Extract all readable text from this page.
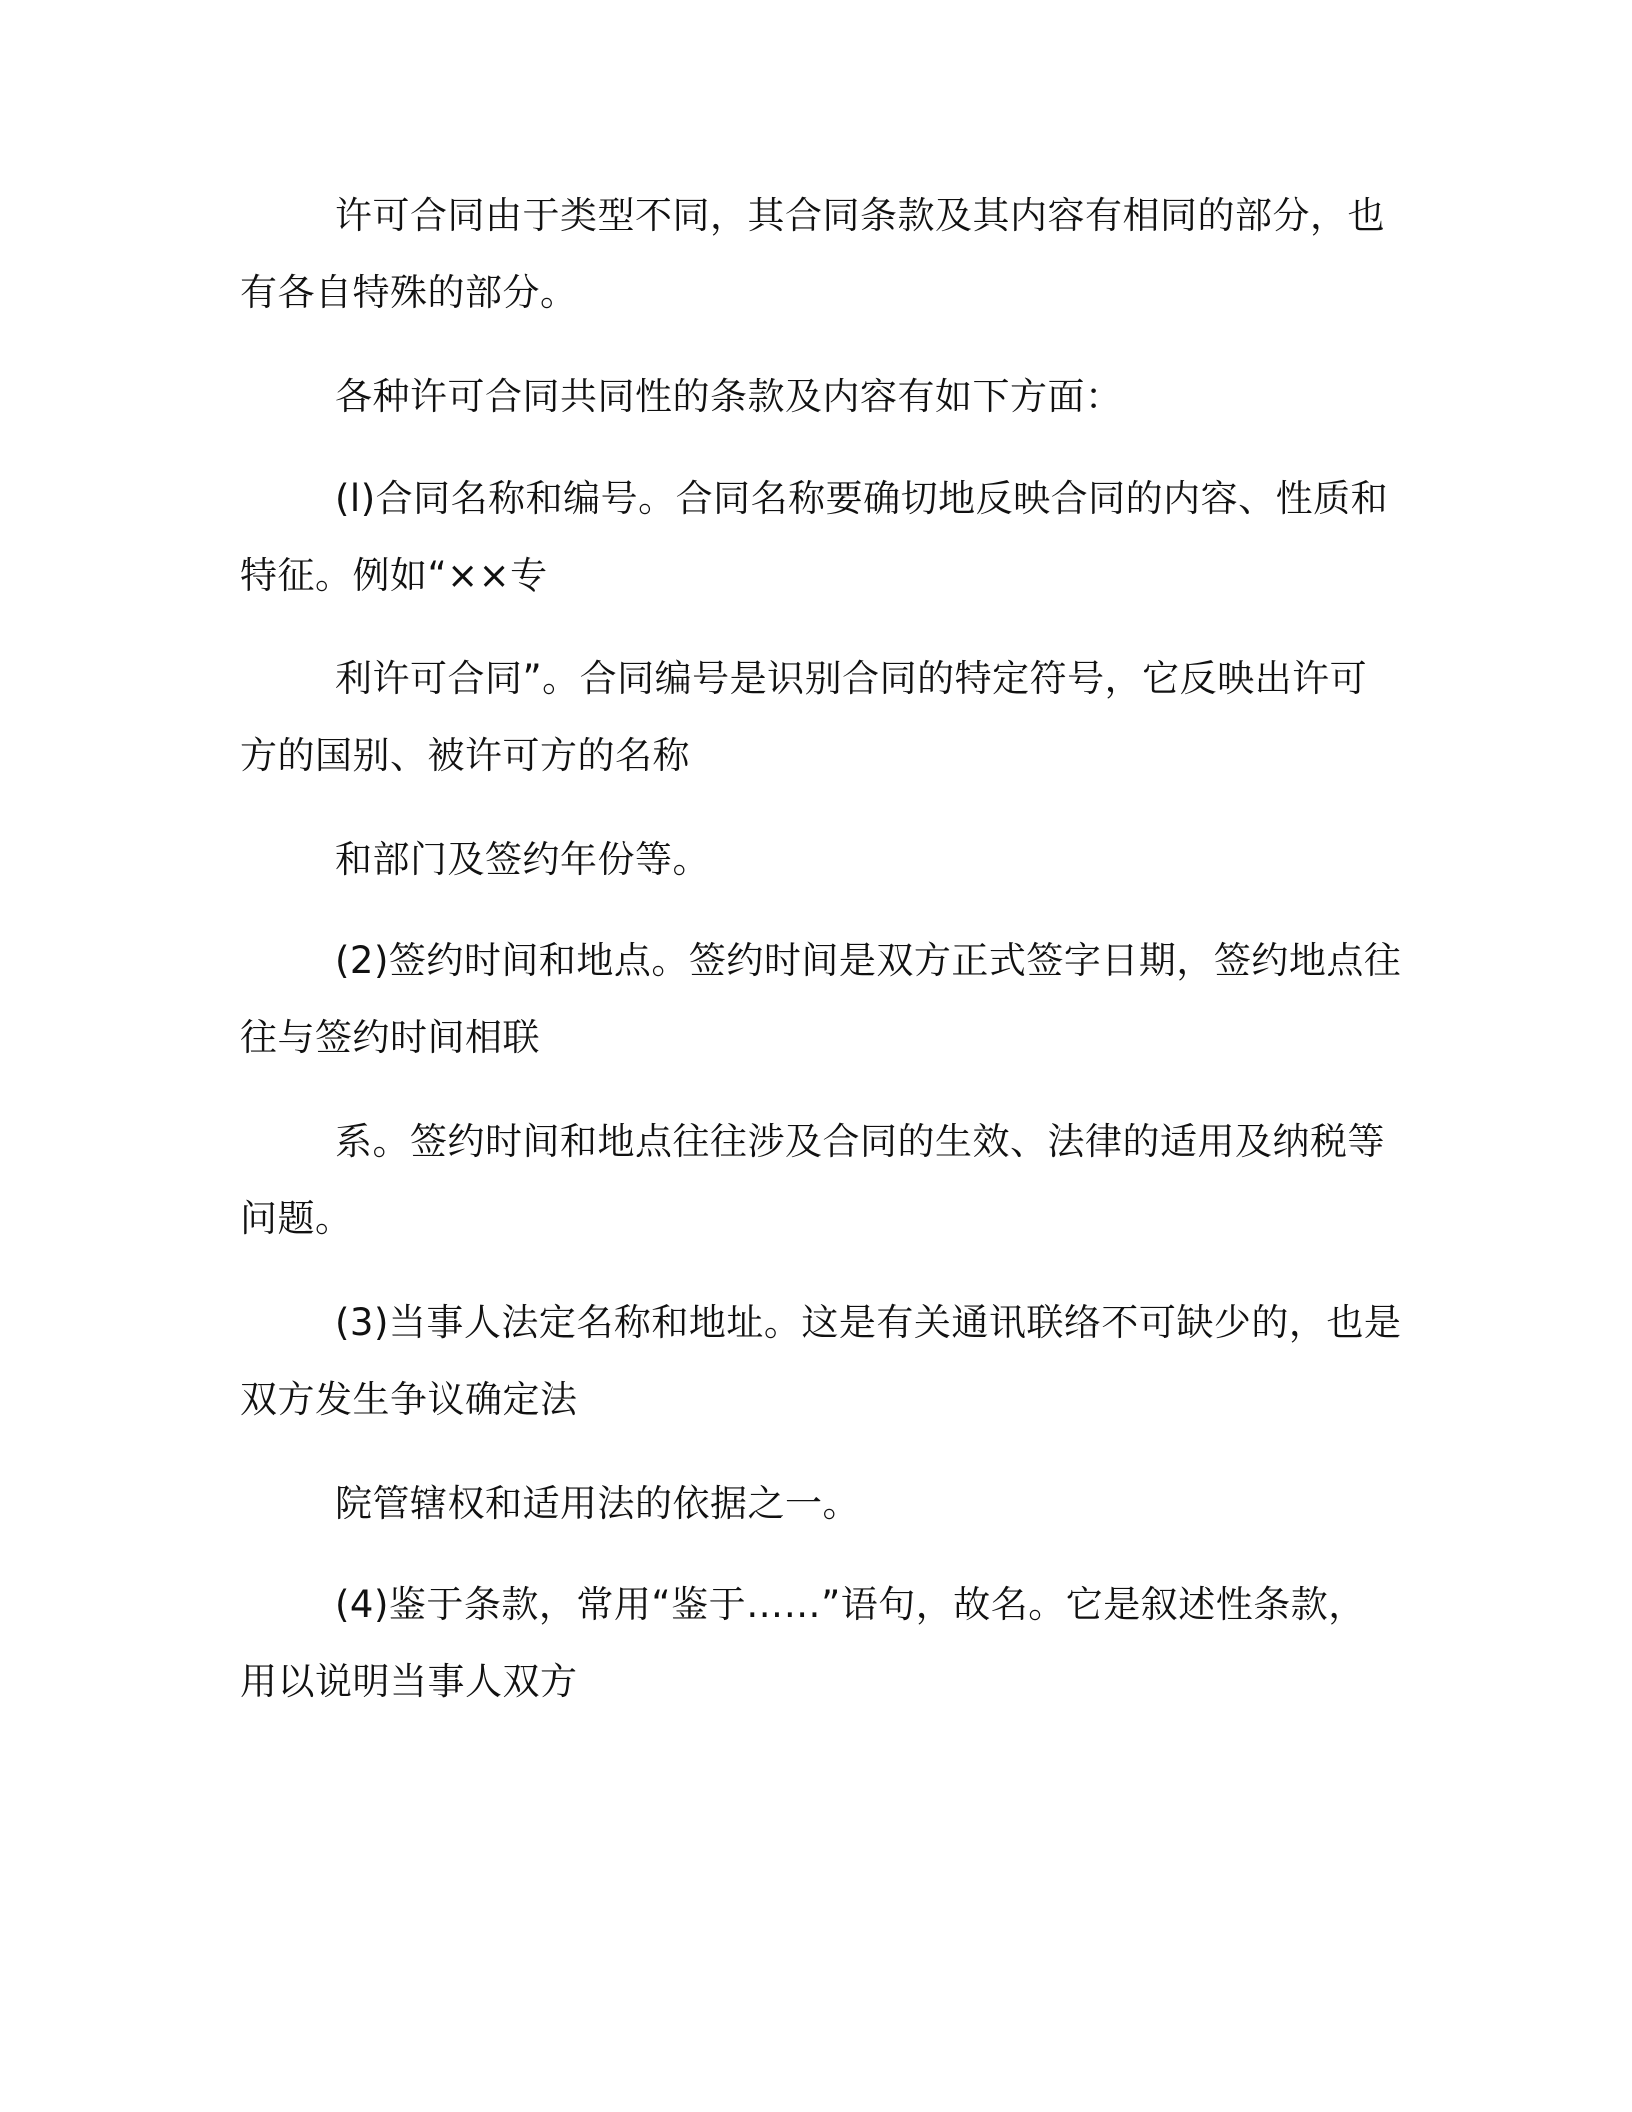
许可合同由于类型不同，其合同条款及其内容有相同的部分，也
有各自特殊的部分。

各种许可合同共同性的条款及内容有如下方面：

(l)合同名称和编号。合同名称要确切地反映合同的内容、性质和
特征。例如“××专

利许可合同”。合同编号是识别合同的特定符号，它反映出许可
方的国别、被许可方的名称

和部门及签约年份等。

(2)签约时间和地点。签约时间是双方正式签字日期，签约地点往
往与签约时间相联

系。签约时间和地点往往涉及合同的生效、法律的适用及纳税等
问题。

(3)当事人法定名称和地址。这是有关通讯联络不可缺少的，也是
双方发生争议确定法

院管辖权和适用法的依据之一。

(4)鉴于条款，常用“鉴于……”语句，故名。它是叙述性条款，
用以说明当事人双方
